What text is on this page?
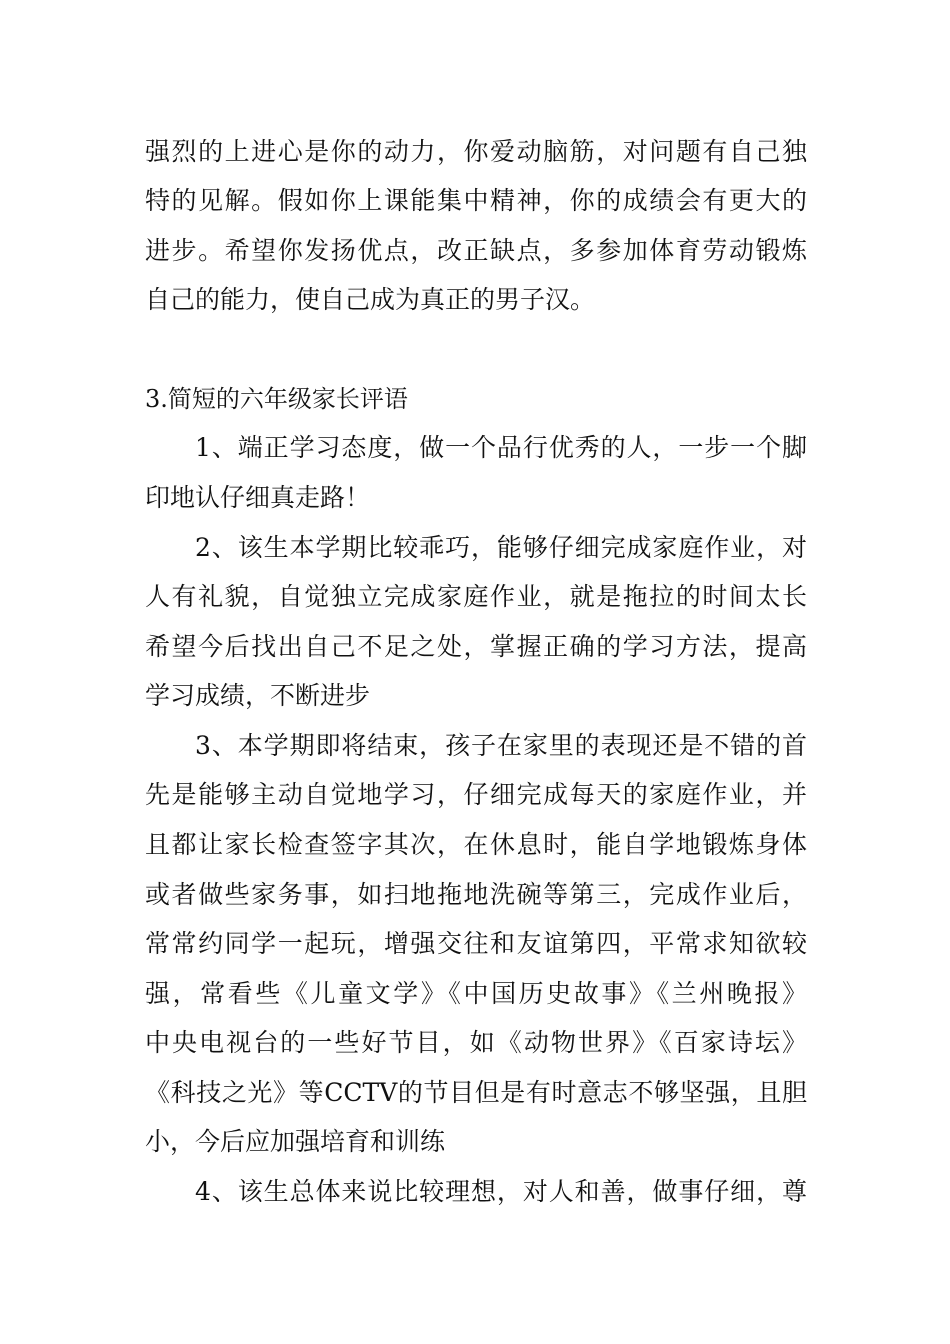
强烈的上进心是你的动力，你爱动脑筋，对问题有自己独
特的见解。假如你上课能集中精神，你的成绩会有更大的
进步。希望你发扬优点，改正缺点，多参加体育劳动锻炼
自己的能力，使自己成为真正的男子汉。
3.简短的六年级家长评语
1、端正学习态度，做一个品行优秀的人，一步一个脚
印地认仔细真走路！
2、该生本学期比较乖巧，能够仔细完成家庭作业，对
人有礼貌，自觉独立完成家庭作业，就是拖拉的时间太长
希望今后找出自己不足之处，掌握正确的学习方法，提高
学习成绩，不断进步
3、本学期即将结束，孩子在家里的表现还是不错的首
先是能够主动自觉地学习，仔细完成每天的家庭作业，并
且都让家长检查签字其次，在休息时，能自学地锻炼身体
或者做些家务事，如扫地拖地洗碗等第三，完成作业后，
常常约同学一起玩，增强交往和友谊第四，平常求知欲较
强，常看些《儿童文学》《中国历史故事》《兰州晚报》
中央电视台的一些好节目，如《动物世界》《百家诗坛》
《科技之光》等CCTV的节目但是有时意志不够坚强，且胆
小，今后应加强培育和训练
4、该生总体来说比较理想，对人和善，做事仔细，尊
